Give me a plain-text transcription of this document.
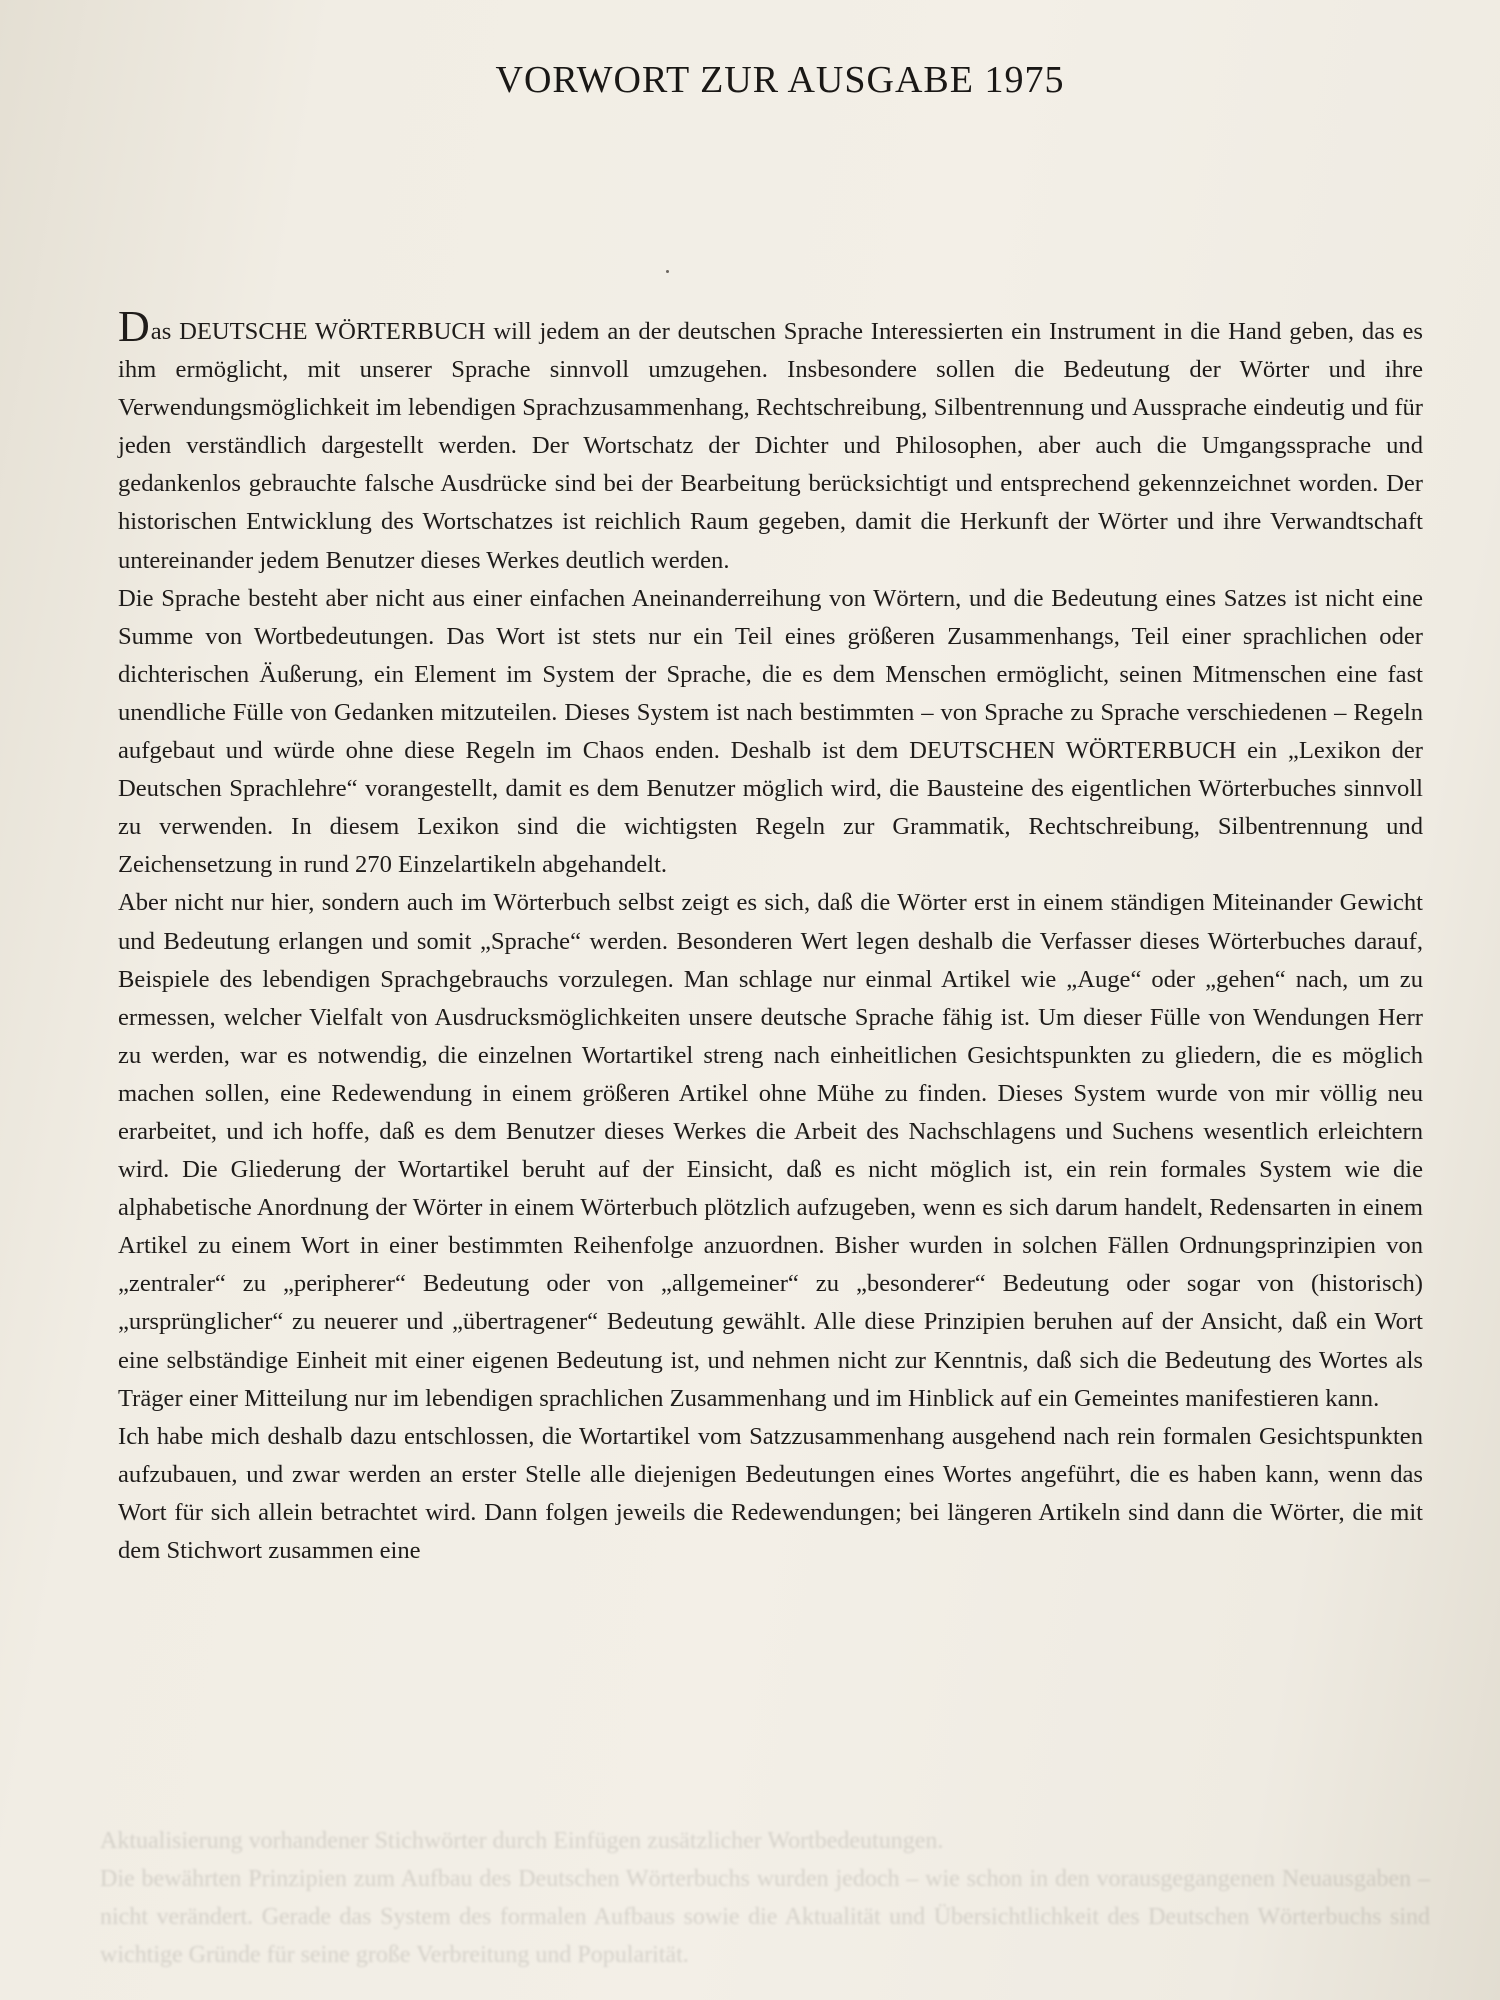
VORWORT ZUR AUSGABE 1975

Das DEUTSCHE WÖRTERBUCH will jedem an der deutschen Sprache Interessierten ein Instrument in die Hand geben, das es ihm ermöglicht, mit unserer Sprache sinnvoll umzugehen. Insbesondere sollen die Bedeutung der Wörter und ihre Verwendungsmöglichkeit im lebendigen Sprachzusammenhang, Rechtschreibung, Silbentrennung und Aussprache eindeutig und für jeden verständlich dargestellt werden. Der Wortschatz der Dichter und Philosophen, aber auch die Umgangssprache und gedankenlos gebrauchte falsche Ausdrücke sind bei der Bearbeitung berücksichtigt und entsprechend gekennzeichnet worden. Der historischen Entwicklung des Wortschatzes ist reichlich Raum gegeben, damit die Herkunft der Wörter und ihre Verwandtschaft untereinander jedem Benutzer dieses Werkes deutlich werden.

Die Sprache besteht aber nicht aus einer einfachen Aneinanderreihung von Wörtern, und die Bedeutung eines Satzes ist nicht eine Summe von Wortbedeutungen. Das Wort ist stets nur ein Teil eines größeren Zusammenhangs, Teil einer sprachlichen oder dichterischen Äußerung, ein Element im System der Sprache, die es dem Menschen ermöglicht, seinen Mitmenschen eine fast unendliche Fülle von Gedanken mitzuteilen. Dieses System ist nach bestimmten – von Sprache zu Sprache verschiedenen – Regeln aufgebaut und würde ohne diese Regeln im Chaos enden. Deshalb ist dem DEUTSCHEN WÖRTERBUCH ein „Lexikon der Deutschen Sprachlehre“ vorangestellt, damit es dem Benutzer möglich wird, die Bausteine des eigentlichen Wörterbuches sinnvoll zu verwenden. In diesem Lexikon sind die wichtigsten Regeln zur Grammatik, Rechtschreibung, Silbentrennung und Zeichensetzung in rund 270 Einzelartikeln abgehandelt.

Aber nicht nur hier, sondern auch im Wörterbuch selbst zeigt es sich, daß die Wörter erst in einem ständigen Miteinander Gewicht und Bedeutung erlangen und somit „Sprache“ werden. Besonderen Wert legen deshalb die Verfasser dieses Wörterbuches darauf, Beispiele des lebendigen Sprachgebrauchs vorzulegen. Man schlage nur einmal Artikel wie „Auge“ oder „gehen“ nach, um zu ermessen, welcher Vielfalt von Ausdrucksmöglichkeiten unsere deutsche Sprache fähig ist. Um dieser Fülle von Wendungen Herr zu werden, war es notwendig, die einzelnen Wortartikel streng nach einheitlichen Gesichtspunkten zu gliedern, die es möglich machen sollen, eine Redewendung in einem größeren Artikel ohne Mühe zu finden. Dieses System wurde von mir völlig neu erarbeitet, und ich hoffe, daß es dem Benutzer dieses Werkes die Arbeit des Nachschlagens und Suchens wesentlich erleichtern wird. Die Gliederung der Wortartikel beruht auf der Einsicht, daß es nicht möglich ist, ein rein formales System wie die alphabetische Anordnung der Wörter in einem Wörterbuch plötzlich aufzugeben, wenn es sich darum handelt, Redensarten in einem Artikel zu einem Wort in einer bestimmten Reihenfolge anzuordnen. Bisher wurden in solchen Fällen Ordnungsprinzipien von „zentraler“ zu „peripherer“ Bedeutung oder von „allgemeiner“ zu „besonderer“ Bedeutung oder sogar von (historisch) „ursprünglicher“ zu neuerer und „übertragener“ Bedeutung gewählt. Alle diese Prinzipien beruhen auf der Ansicht, daß ein Wort eine selbständige Einheit mit einer eigenen Bedeutung ist, und nehmen nicht zur Kenntnis, daß sich die Bedeutung des Wortes als Träger einer Mitteilung nur im lebendigen sprachlichen Zusammenhang und im Hinblick auf ein Gemeintes manifestieren kann.

Ich habe mich deshalb dazu entschlossen, die Wortartikel vom Satzzusammenhang ausgehend nach rein formalen Gesichtspunkten aufzubauen, und zwar werden an erster Stelle alle diejenigen Bedeutungen eines Wortes angeführt, die es haben kann, wenn das Wort für sich allein betrachtet wird. Dann folgen jeweils die Redewendungen; bei längeren Artikeln sind dann die Wörter, die mit dem Stichwort zusammen eine

Aktualisierung vorhandener Stichwörter durch Einfügen zusätzlicher Wortbedeutungen.

Die bewährten Prinzipien zum Aufbau des Deutschen Wörterbuchs wurden jedoch – wie schon in den vorausgegangenen Neuausgaben – nicht verändert. Gerade das System des formalen Aufbaus sowie die Aktualität und Übersichtlichkeit des Deutschen Wörterbuchs sind wichtige Gründe für seine große Verbreitung und Popularität.
